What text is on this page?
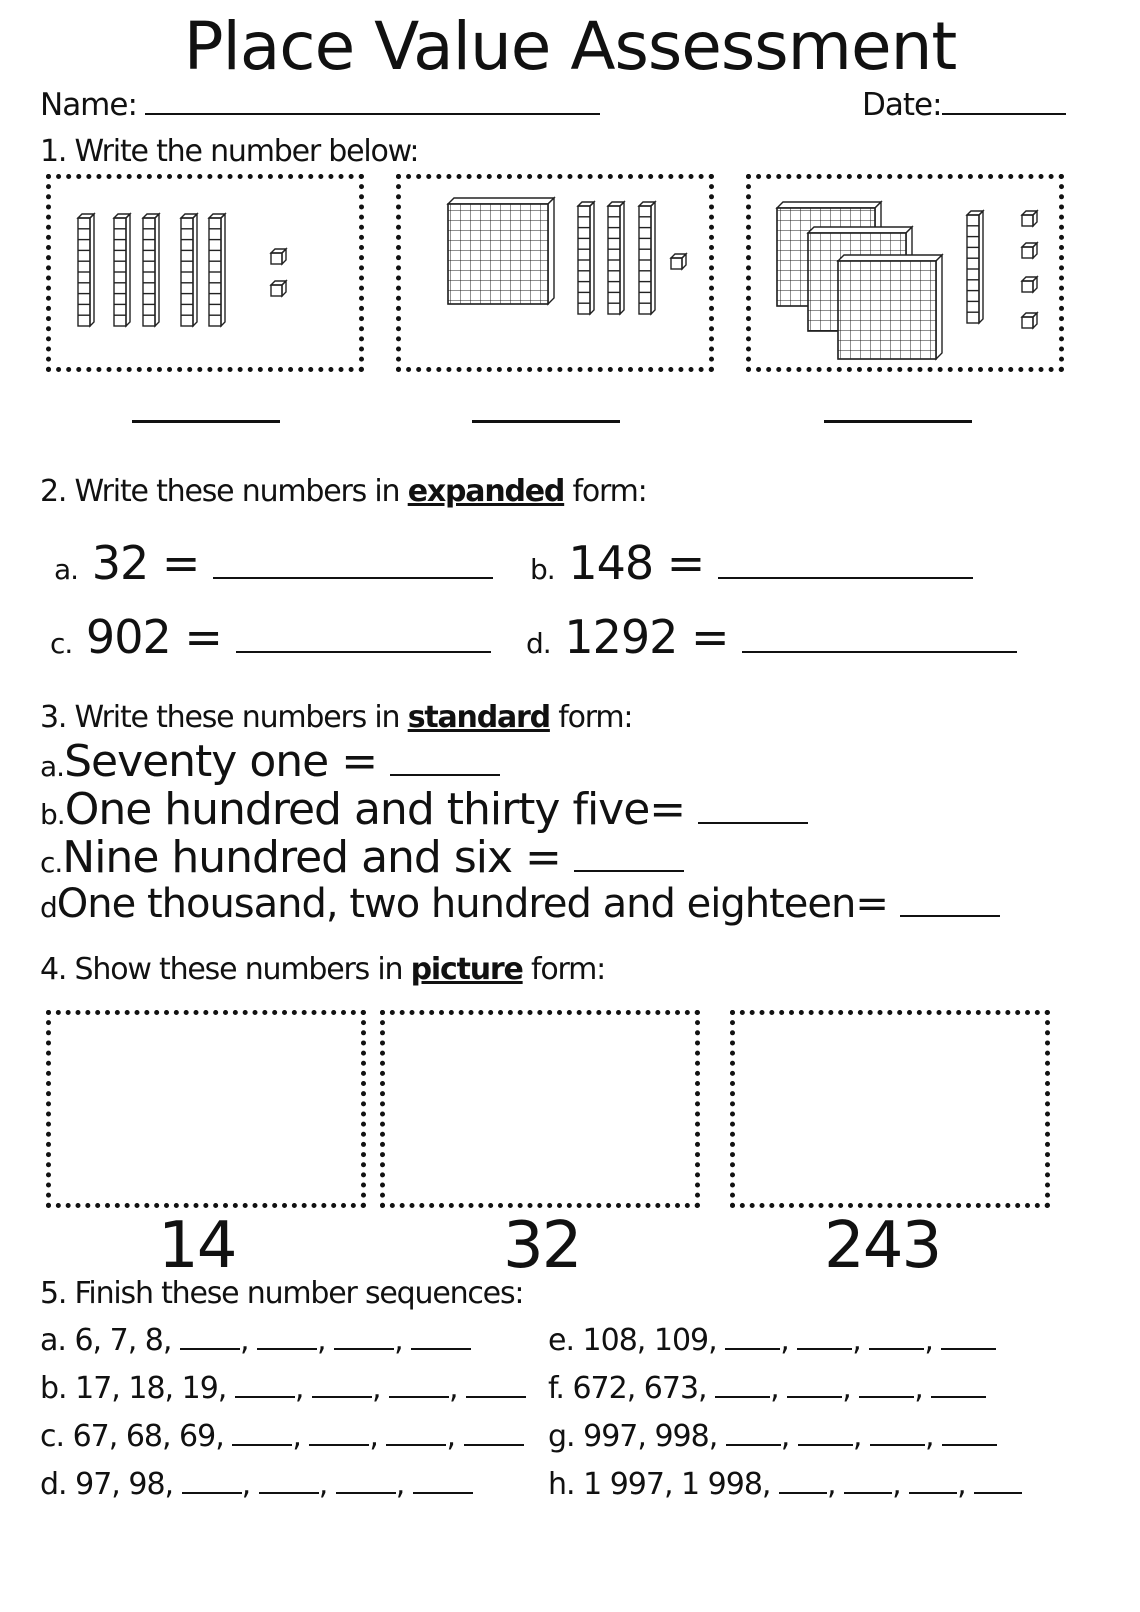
Place Value Assessment
Name:	Date:
1. Write the number below:
2. Write these numbers in expanded form:
a. 32 =	b. 148 =
c. 902 =	d. 1292 =
3. Write these numbers in standard form:
a.Seventy one =
b.One hundred and thirty five=
c.Nine hundred and six =
dOne thousand, two hundred and eighteen=
4. Show these numbers in picture form:
14	32	243
5. Finish these number sequences:
a. 6, 7, 8, , , ,
b. 17, 18, 19, , , ,
c. 67, 68, 69, , , ,
d. 97, 98, , , ,
e. 108, 109, , , ,
f. 672, 673, , , ,
g. 997, 998, , , ,
h. 1 997, 1 998, , , ,
